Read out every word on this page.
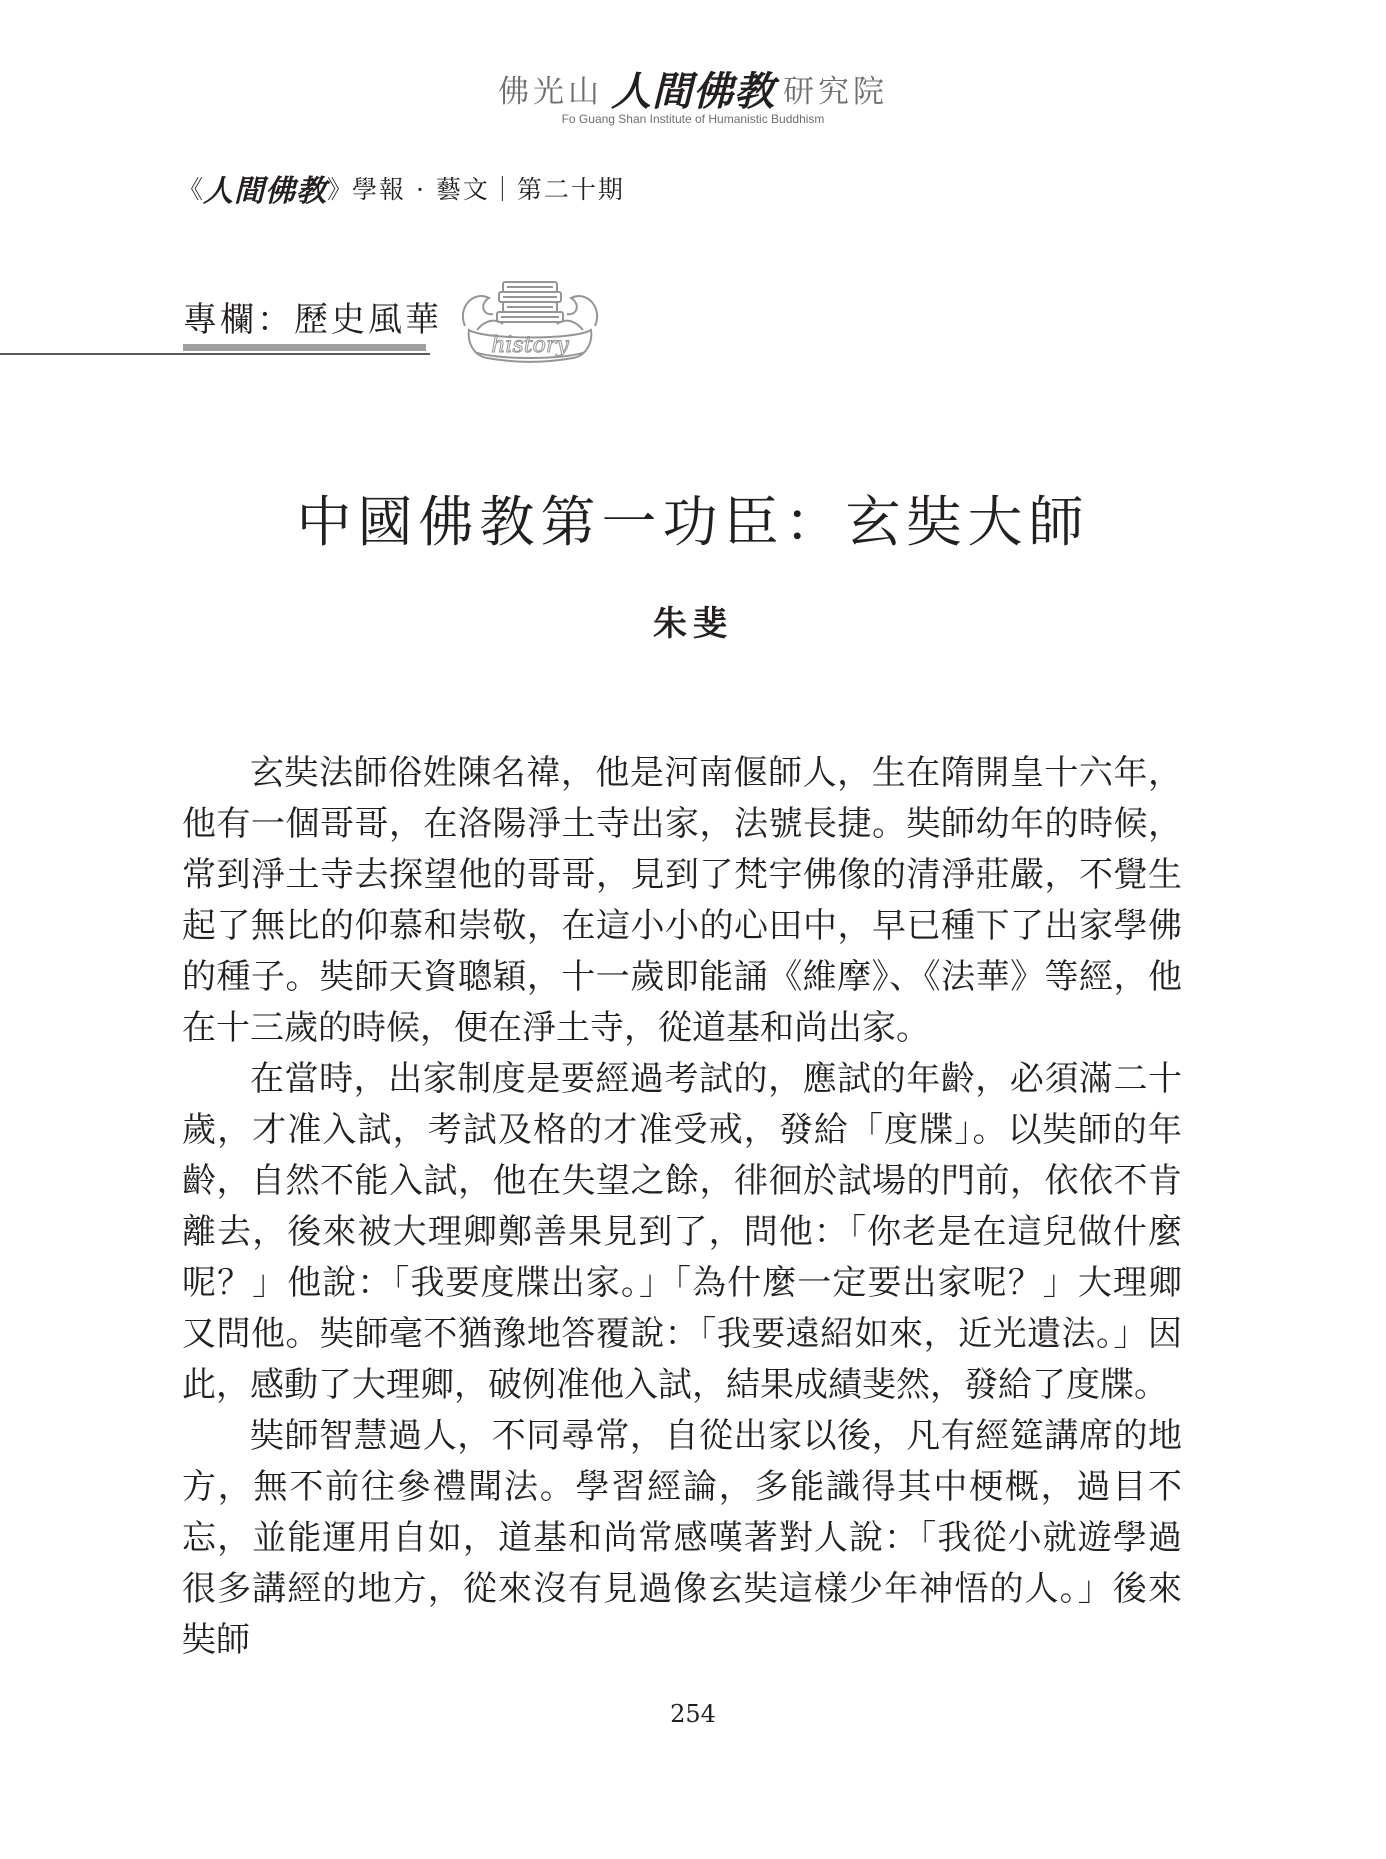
佛光山 人間佛教 研究院
Fo Guang Shan Institute of Humanistic Buddhism
《人間佛教》學報 · 藝文｜第二十期
專欄：歷史風華
history
中國佛教第一功臣：玄奘大師
朱斐

玄奘法師俗姓陳名禕，他是河南偃師人，生在隋開皇十六年，他有一個哥哥，在洛陽淨土寺出家，法號長捷。奘師幼年的時候，常到淨土寺去探望他的哥哥，見到了梵宇佛像的清淨莊嚴，不覺生起了無比的仰慕和崇敬，在這小小的心田中，早已種下了出家學佛的種子。奘師天資聰穎，十一歲即能誦《維摩》、《法華》等經，他在十三歲的時候，便在淨土寺，從道基和尚出家。

在當時，出家制度是要經過考試的，應試的年齡，必須滿二十歲，才准入試，考試及格的才准受戒，發給「度牒」。以奘師的年齡，自然不能入試，他在失望之餘，徘徊於試場的門前，依依不肯離去，後來被大理卿鄭善果見到了，問他：「你老是在這兒做什麼呢？」他說：「我要度牒出家。」「為什麼一定要出家呢？」大理卿又問他。奘師毫不猶豫地答覆說：「我要遠紹如來，近光遺法。」因此，感動了大理卿，破例准他入試，結果成績斐然，發給了度牒。

奘師智慧過人，不同尋常，自從出家以後，凡有經筵講席的地方，無不前往參禮聞法。學習經論，多能識得其中梗概，過目不忘，並能運用自如，道基和尚常感嘆著對人說：「我從小就遊學過很多講經的地方，從來沒有見過像玄奘這樣少年神悟的人。」後來奘師

254
